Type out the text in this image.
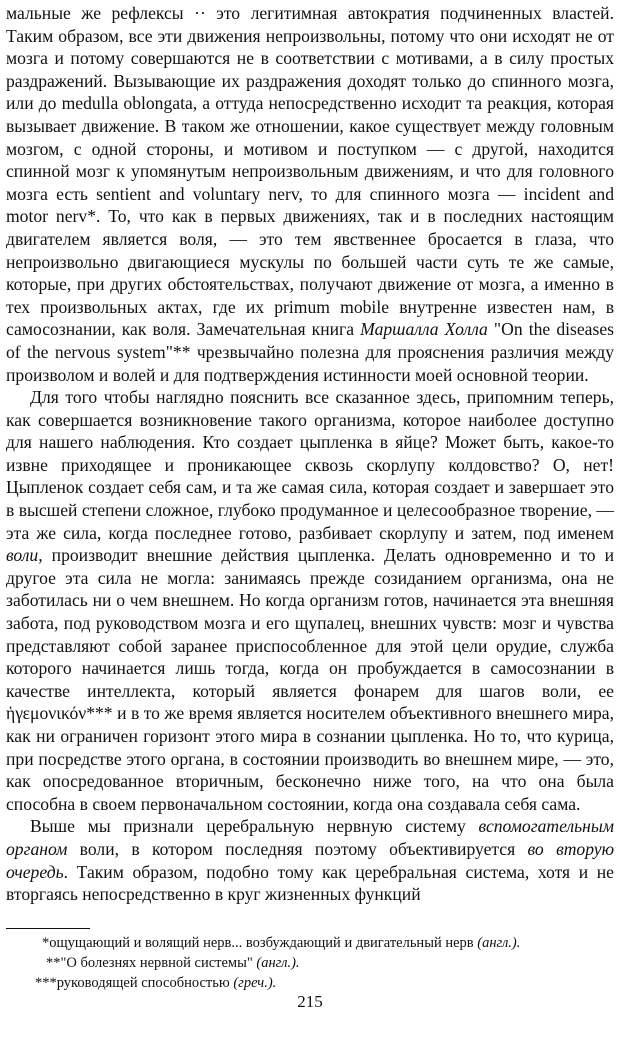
мальные же рефлексы ·· это легитимная автократия подчиненных властей. Таким образом, все эти движения непроизвольны, потому что они исходят не от мозга и потому совершаются не в соответствии с мотивами, а в силу простых раздражений. Вызывающие их раздражения доходят только до спинного мозга, или до medulla oblongata, а оттуда непосредственно исходит та реакция, которая вызывает движение. В таком же отношении, какое существует между головным мозгом, с одной стороны, и мотивом и поступком — с другой, находится спинной мозг к упомянутым непроизвольным движениям, и что для головного мозга есть sentient and voluntary nerv, то для спинного мозга — incident and motor nerv*. То, что как в первых движениях, так и в последних настоящим двигателем является воля, — это тем явственнее бросается в глаза, что непроизвольно двигающиеся мускулы по большей части суть те же самые, которые, при других обстоятельствах, получают движение от мозга, а именно в тех произвольных актах, где их primum mobile внутренне известен нам, в самосознании, как воля. Замечательная книга Маршалла Холла "On the diseases of the nervous system"** чрезвычайно полезна для прояснения различия между произволом и волей и для подтверждения истинности моей основной теории.

Для того чтобы наглядно пояснить все сказанное здесь, припомним теперь, как совершается возникновение такого организма, которое наиболее доступно для нашего наблюдения. Кто создает цыпленка в яйце? Может быть, какое-то извне приходящее и проникающее сквозь скорлупу колдовство? О, нет! Цыпленок создает себя сам, и та же самая сила, которая создает и завершает это в высшей степени сложное, глубоко продуманное и целесообразное творение, — эта же сила, когда последнее готово, разбивает скорлупу и затем, под именем воли, производит внешние действия цыпленка. Делать одновременно и то и другое эта сила не могла: занимаясь прежде созиданием организма, она не заботилась ни о чем внешнем. Но когда организм готов, начинается эта внешняя забота, под руководством мозга и его щупалец, внешних чувств: мозг и чувства представляют собой заранее приспособленное для этой цели орудие, служба которого начинается лишь тогда, когда он пробуждается в самосознании в качестве интеллекта, который является фонарем для шагов воли, ее ἡγεμονικόν*** и в то же время является носителем объективного внешнего мира, как ни ограничен горизонт этого мира в сознании цыпленка. Но то, что курица, при посредстве этого органа, в состоянии производить во внешнем мире, — это, как опосредованное вторичным, бесконечно ниже того, на что она была способна в своем первоначальном состоянии, когда она создавала себя сама.

Выше мы признали церебральную нервную систему вспомогательным органом воли, в котором последняя поэтому объективируется во вторую очередь. Таким образом, подобно тому как церебральная система, хотя и не вторгаясь непосредственно в круг жизненных функций

*ощущающий и волящий нерв... возбуждающий и двигательный нерв (англ.).

**"О болезнях нервной системы" (англ.).

***руководящей способностью (греч.).

215
